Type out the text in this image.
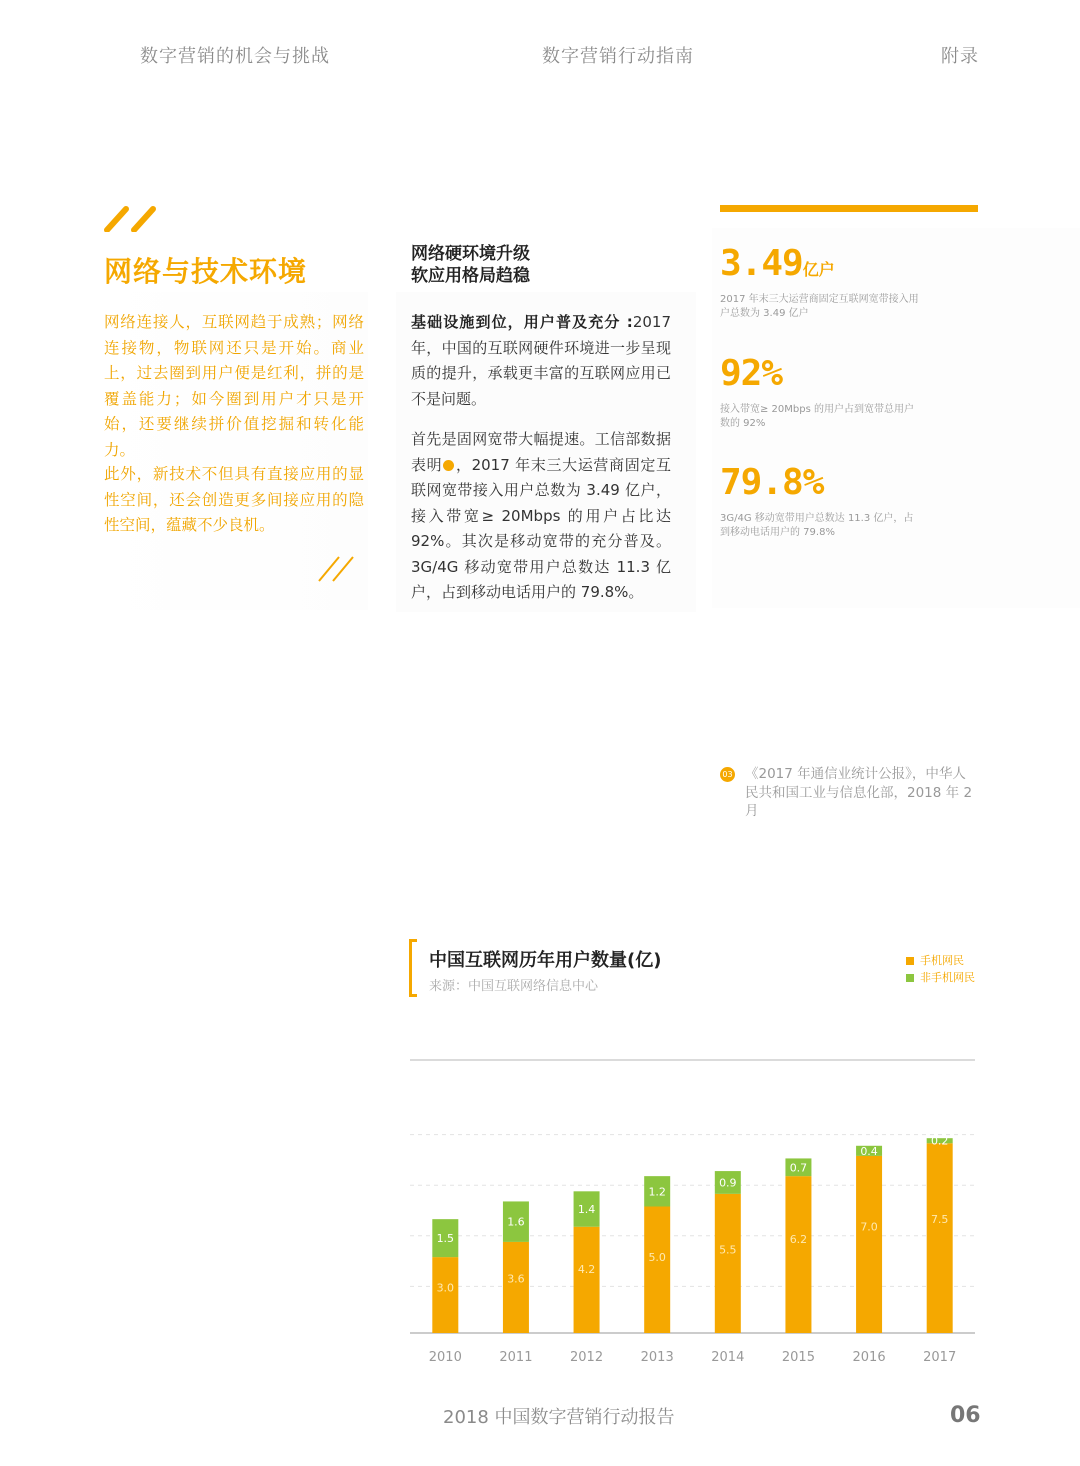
数字营销的机会与挑战	数字营销行动指南	附录
网络与技术环境
网络连接人，互联网趋于成熟；网络连接物，物联网还只是开始。商业上，过去圈到用户便是红利，拼的是覆盖能力；如今圈到用户才只是开始，还要继续拼价值挖掘和转化能力。
此外，新技术不但具有直接应用的显性空间，还会创造更多间接应用的隐性空间，蕴藏不少良机。
网络硬环境升级
软应用格局趋稳
基础设施到位，用户普及充分 :2017 年，中国的互联网硬件环境进一步呈现质的提升，承载更丰富的互联网应用已不是问题。
首先是固网宽带大幅提速。工信部数据表明 ，2017 年末三大运营商固定互联网宽带接入用户总数为 3.49 亿户，接入带宽≥ 20Mbps 的用户占比达 92%。其次是移动宽带的充分普及。3G/4G 移动宽带用户总数达 11.3 亿户，占到移动电话用户的 79.8%。
3.49亿户
2017 年末三大运营商固定互联网宽带接入用户总数为 3.49 亿户
92%
接入带宽≥ 20Mbps 的用户占到宽带总用户数的 92%
79.8%
3G/4G 移动宽带用户总数达 11.3 亿户，占到移动电话用户的 79.8%
03 《2017 年通信业统计公报》，中华人民共和国工业与信息化部，2018 年 2 月
中国互联网历年用户数量(亿)
来源：中国互联网络信息中心
手机网民
非手机网民
3.0
1.5
2010
3.6
1.6
2011
4.2
1.4
2012
5.0
1.2
2013
5.5
0.9
2014
6.2
0.7
2015
7.0
0.4
2016
7.5
0.2
2017
2018 中国数字营销行动报告	06
